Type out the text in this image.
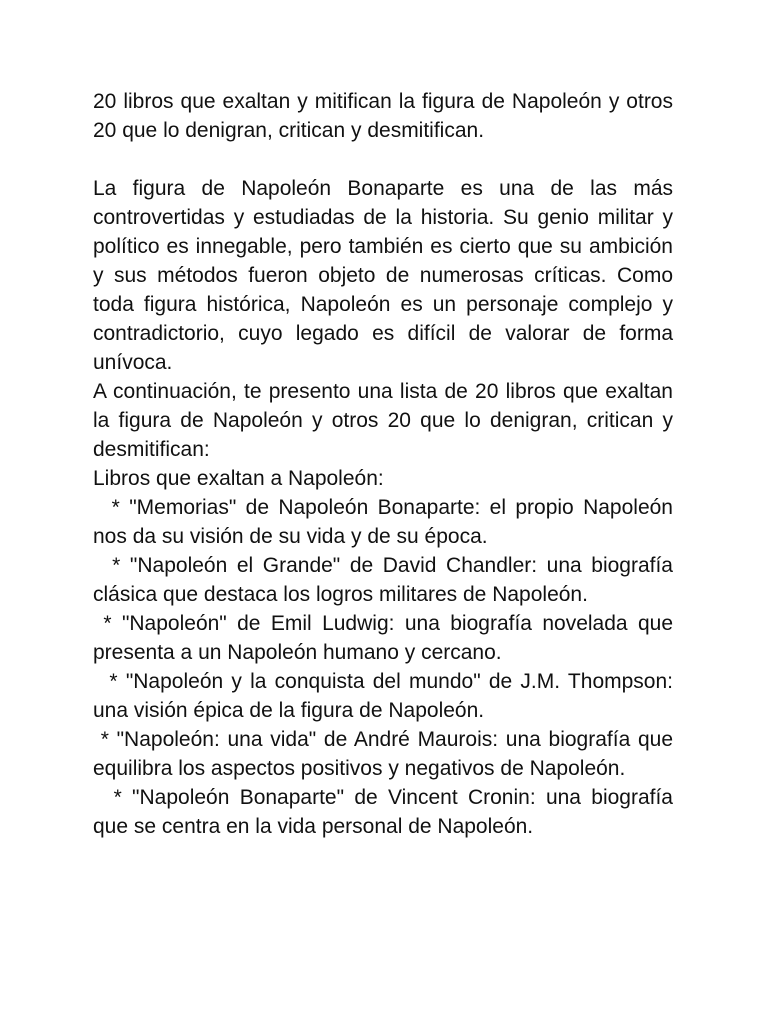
20 libros que exaltan y mitifican la figura de Napoleón y otros 20 que lo denigran, critican y desmitifican.

La figura de Napoleón Bonaparte es una de las más controvertidas y estudiadas de la historia. Su genio militar y político es innegable, pero también es cierto que su ambición y sus métodos fueron objeto de numerosas críticas. Como toda figura histórica, Napoleón es un personaje complejo y contradictorio, cuyo legado es difícil de valorar de forma unívoca.

A continuación, te presento una lista de 20 libros que exaltan la figura de Napoleón y otros 20 que lo denigran, critican y desmitifican:

Libros que exaltan a Napoleón:

* "Memorias" de Napoleón Bonaparte: el propio Napoleón nos da su visión de su vida y de su época.

* "Napoleón el Grande" de David Chandler: una biografía clásica que destaca los logros militares de Napoleón.

* "Napoleón" de Emil Ludwig: una biografía novelada que presenta a un Napoleón humano y cercano.

* "Napoleón y la conquista del mundo" de J.M. Thompson: una visión épica de la figura de Napoleón.

* "Napoleón: una vida" de André Maurois: una biografía que equilibra los aspectos positivos y negativos de Napoleón.

* "Napoleón Bonaparte" de Vincent Cronin: una biografía que se centra en la vida personal de Napoleón.
